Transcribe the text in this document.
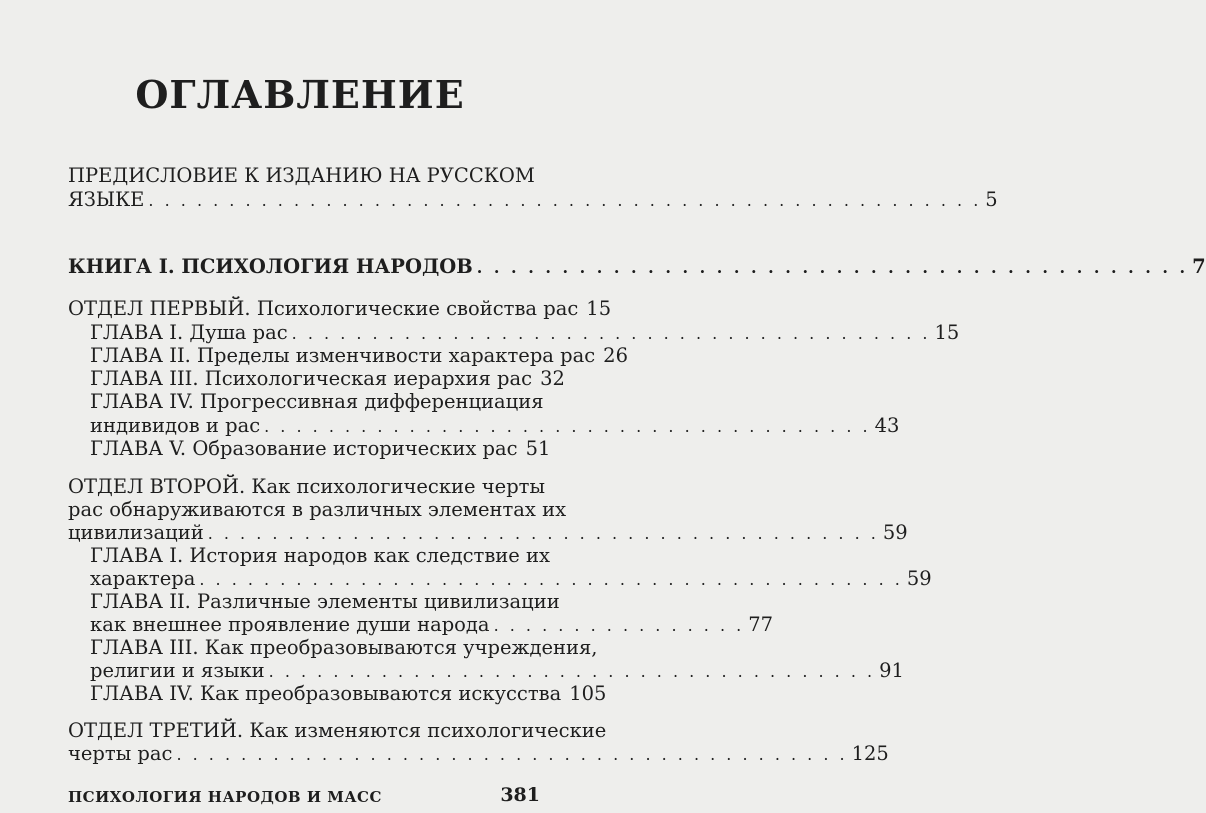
ОГЛАВЛЕНИЕ
ПРЕДИСЛОВИЕ К ИЗДАНИЮ НА РУССКОМ
ЯЗЫКЕ . . . . . . . . . . . . . . . . . . . . . . . . . . . . . . . . . . . . . . . . . . . . . . . . . . . . 5
КНИГА I. ПСИХОЛОГИЯ НАРОДОВ . . . . . . . . . . . . . . . . . . . . . . . . . . . . . . . . . . . . . . . . . . 7
ОТДЕЛ ПЕРВЫЙ. Психологические свойства рас 15
ГЛАВА I. Душа рас . . . . . . . . . . . . . . . . . . . . . . . . . . . . . . . . . . . . . . . . 15
ГЛАВА II. Пределы изменчивости характера рас 26
ГЛАВА III. Психологическая иерархия рас 32
ГЛАВА IV. Прогрессивная дифференциация
индивидов и рас . . . . . . . . . . . . . . . . . . . . . . . . . . . . . . . . . . . . . . 43
ГЛАВА V. Образование исторических рас 51
ОТДЕЛ ВТОРОЙ. Как психологические черты
рас обнаруживаются в различных элементах их
цивилизаций . . . . . . . . . . . . . . . . . . . . . . . . . . . . . . . . . . . . . . . . . . 59
ГЛАВА I. История народов как следствие их
характера . . . . . . . . . . . . . . . . . . . . . . . . . . . . . . . . . . . . . . . . . . . . 59
ГЛАВА II. Различные элементы цивилизации
как внешнее проявление души народа . . . . . . . . . . . . . . . . 77
ГЛАВА III. Как преобразовываются учреждения,
религии и языки . . . . . . . . . . . . . . . . . . . . . . . . . . . . . . . . . . . . . . 91
ГЛАВА IV. Как преобразовываются искусства 105
ОТДЕЛ ТРЕТИЙ. Как изменяются психологические
черты рас . . . . . . . . . . . . . . . . . . . . . . . . . . . . . . . . . . . . . . . . . . 125
ПСИХОЛОГИЯ НАРОДОВ И МАСС	381
